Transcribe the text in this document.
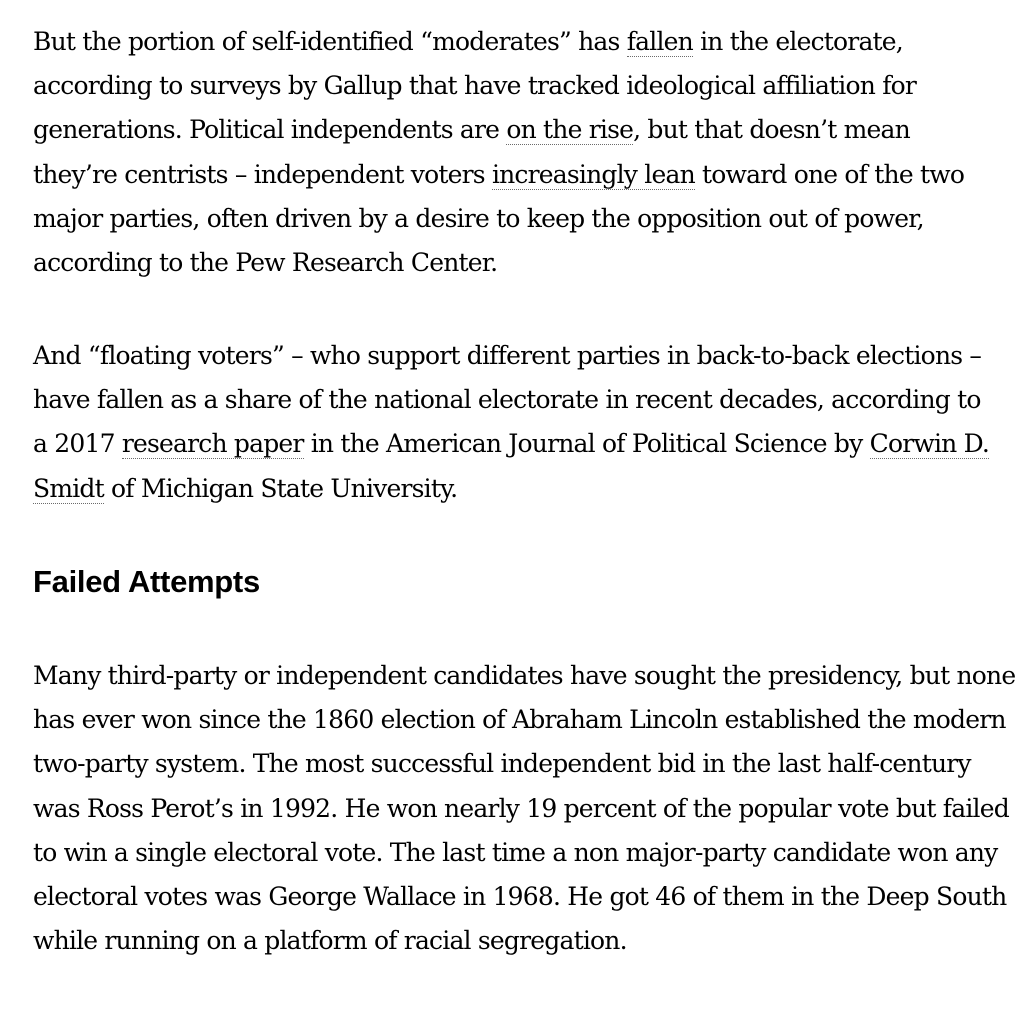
But the portion of self-identified “moderates” has fallen in the electorate, according to surveys by Gallup that have tracked ideological affiliation for generations. Political independents are on the rise, but that doesn’t mean they’re centrists – independent voters increasingly lean toward one of the two major parties, often driven by a desire to keep the opposition out of power, according to the Pew Research Center.

And “floating voters” – who support different parties in back-to-back elections – have fallen as a share of the national electorate in recent decades, according to a 2017 research paper in the American Journal of Political Science by Corwin D. Smidt of Michigan State University.

Failed Attempts

Many third-party or independent candidates have sought the presidency, but none has ever won since the 1860 election of Abraham Lincoln established the modern two-party system. The most successful independent bid in the last half-century was Ross Perot’s in 1992. He won nearly 19 percent of the popular vote but failed to win a single electoral vote. The last time a non major-party candidate won any electoral votes was George Wallace in 1968. He got 46 of them in the Deep South while running on a platform of racial segregation.
